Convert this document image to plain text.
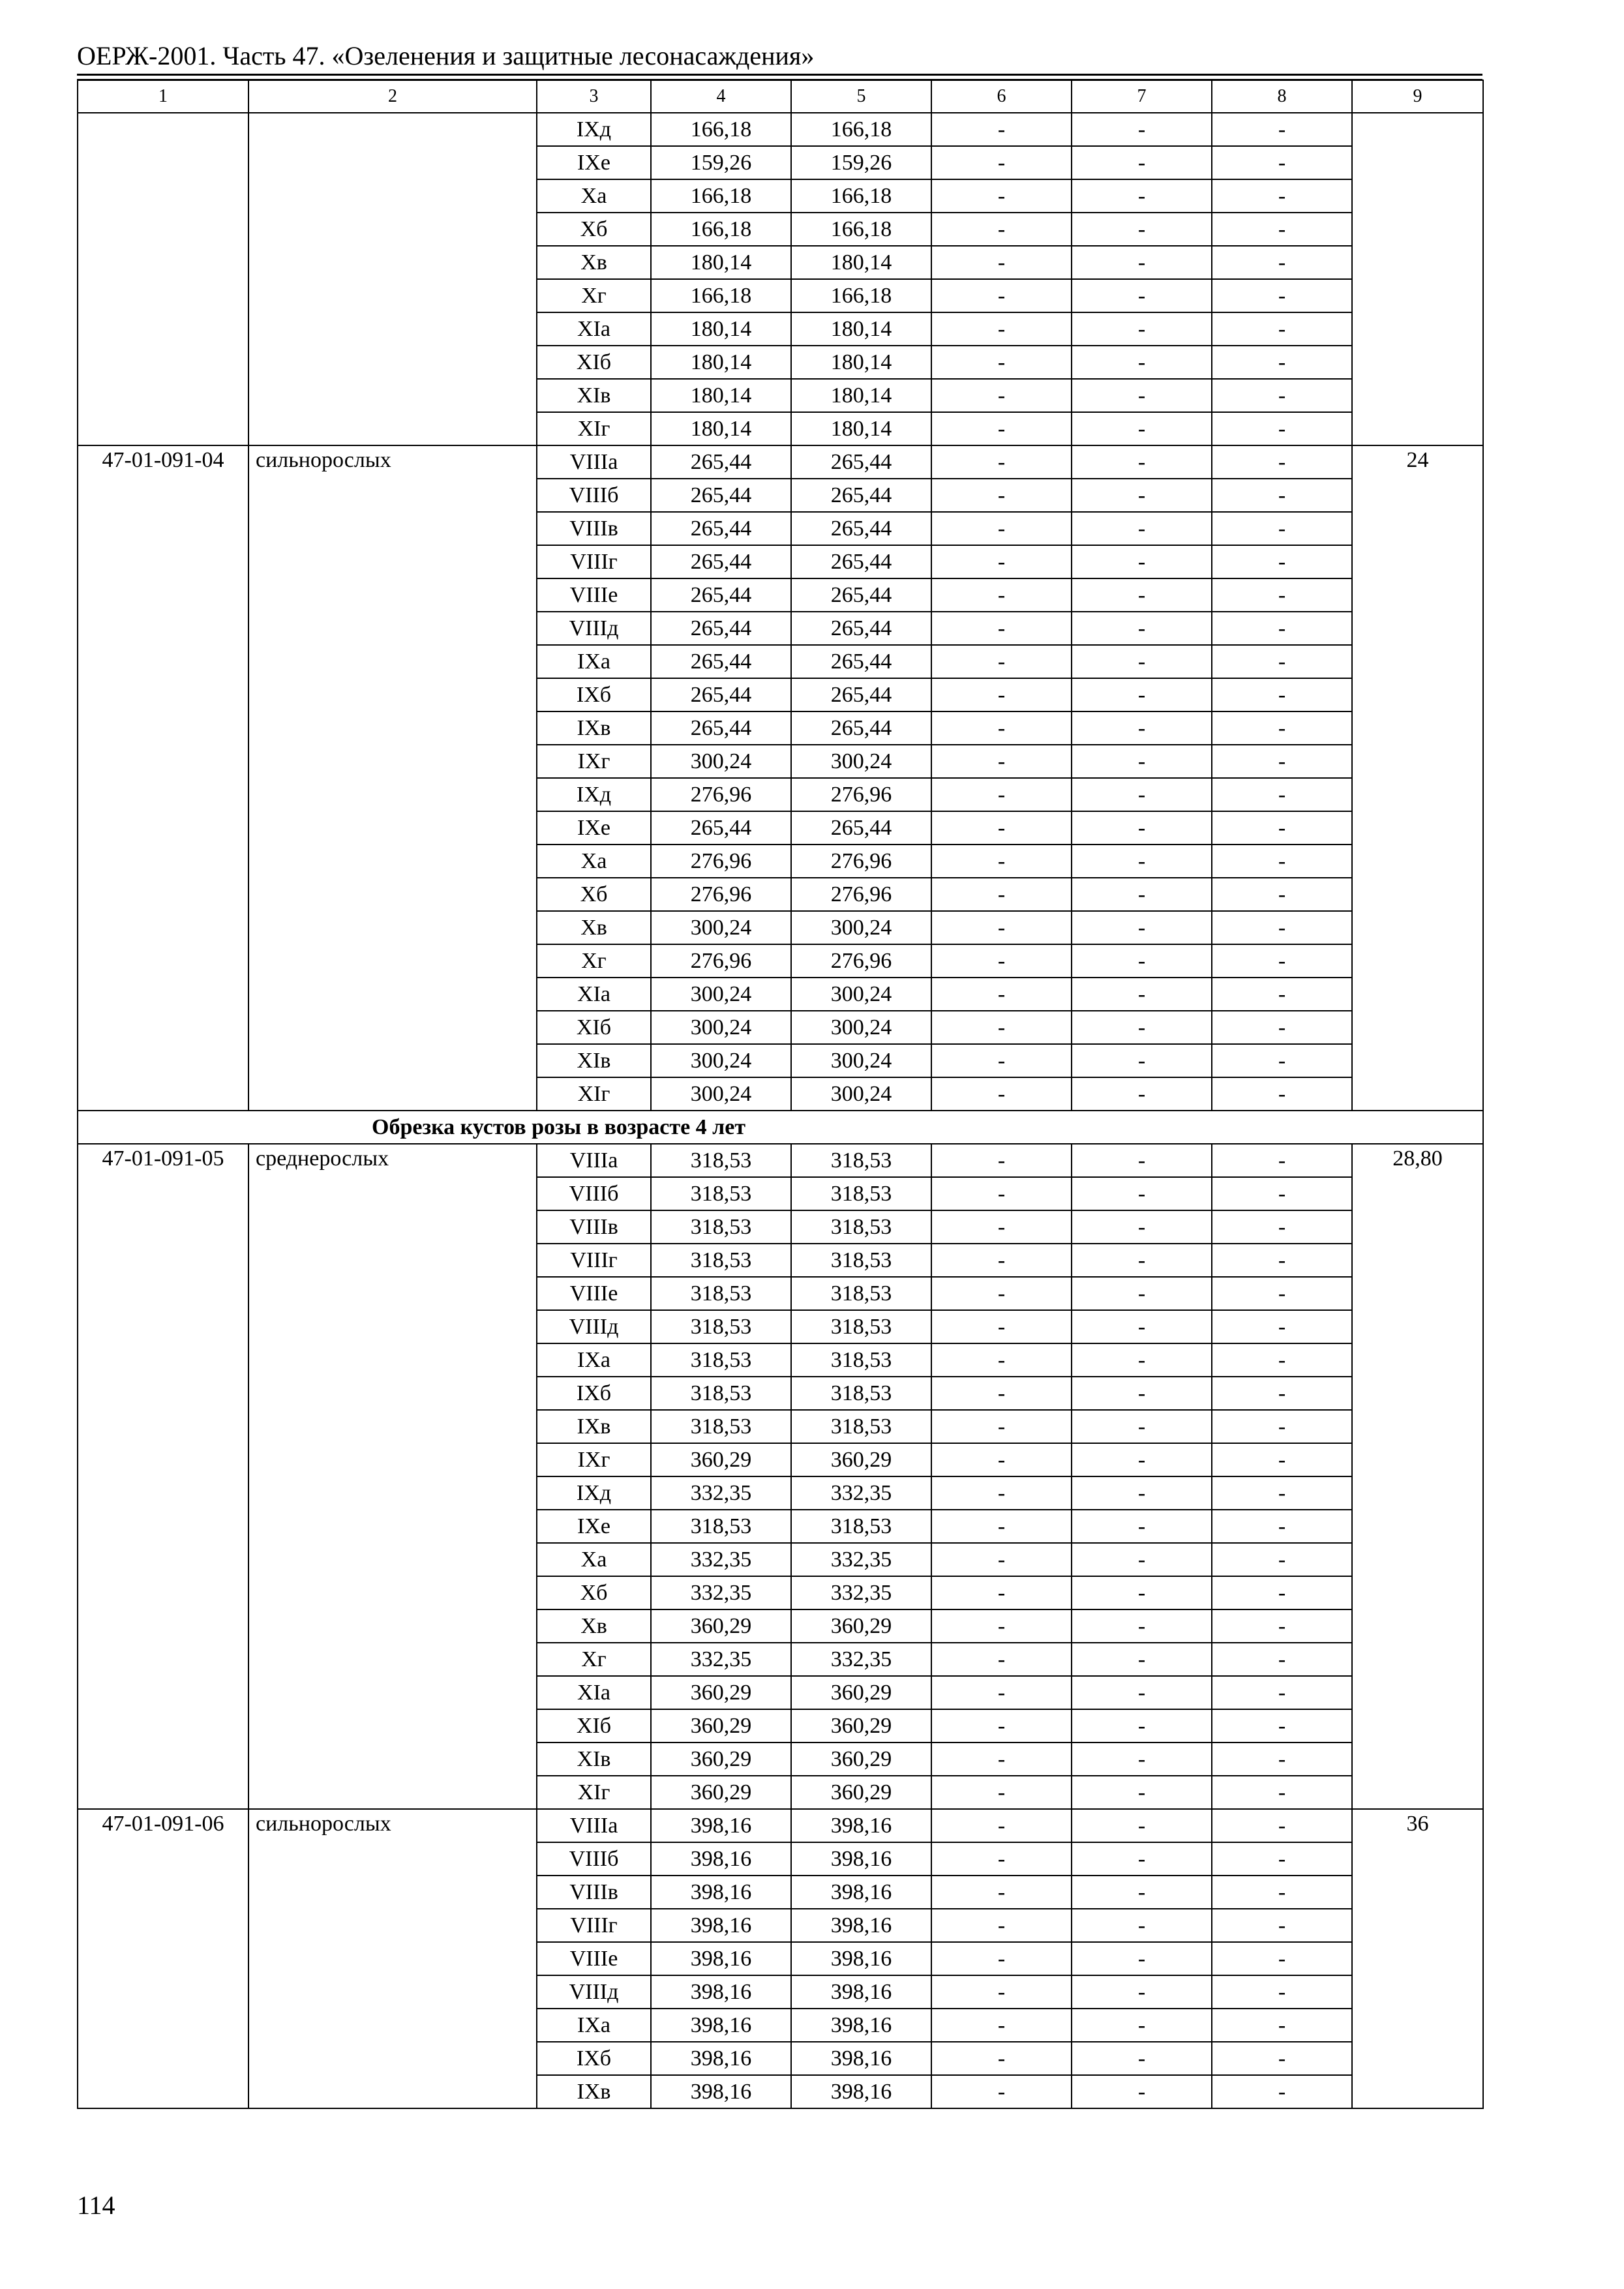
ОЕРЖ-2001. Часть 47. «Озеленения и защитные лесонасаждения»
1	2	3	4	5	6	7	8	9
		IXд	166,18	166,18	-	-	-	
		IXе	159,26	159,26	-	-	-	
		Xа	166,18	166,18	-	-	-	
		Xб	166,18	166,18	-	-	-	
		Xв	180,14	180,14	-	-	-	
		Xг	166,18	166,18	-	-	-	
		XIа	180,14	180,14	-	-	-	
		XIб	180,14	180,14	-	-	-	
		XIв	180,14	180,14	-	-	-	
		XIг	180,14	180,14	-	-	-	
47-01-091-04	сильнорослых	VIIIа	265,44	265,44	-	-	-	24
		VIIIб	265,44	265,44	-	-	-	
		VIIIв	265,44	265,44	-	-	-	
		VIIIг	265,44	265,44	-	-	-	
		VIIIе	265,44	265,44	-	-	-	
		VIIIд	265,44	265,44	-	-	-	
		IXа	265,44	265,44	-	-	-	
		IXб	265,44	265,44	-	-	-	
		IXв	265,44	265,44	-	-	-	
		IXг	300,24	300,24	-	-	-	
		IXд	276,96	276,96	-	-	-	
		IXе	265,44	265,44	-	-	-	
		Xа	276,96	276,96	-	-	-	
		Xб	276,96	276,96	-	-	-	
		Xв	300,24	300,24	-	-	-	
		Xг	276,96	276,96	-	-	-	
		XIа	300,24	300,24	-	-	-	
		XIб	300,24	300,24	-	-	-	
		XIв	300,24	300,24	-	-	-	
		XIг	300,24	300,24	-	-	-	
Обрезка кустов розы в возрасте 4 лет								
47-01-091-05	среднерослых	VIIIа	318,53	318,53	-	-	-	28,80
		VIIIб	318,53	318,53	-	-	-	
		VIIIв	318,53	318,53	-	-	-	
		VIIIг	318,53	318,53	-	-	-	
		VIIIе	318,53	318,53	-	-	-	
		VIIIд	318,53	318,53	-	-	-	
		IXа	318,53	318,53	-	-	-	
		IXб	318,53	318,53	-	-	-	
		IXв	318,53	318,53	-	-	-	
		IXг	360,29	360,29	-	-	-	
		IXд	332,35	332,35	-	-	-	
		IXе	318,53	318,53	-	-	-	
		Xа	332,35	332,35	-	-	-	
		Xб	332,35	332,35	-	-	-	
		Xв	360,29	360,29	-	-	-	
		Xг	332,35	332,35	-	-	-	
		XIа	360,29	360,29	-	-	-	
		XIб	360,29	360,29	-	-	-	
		XIв	360,29	360,29	-	-	-	
		XIг	360,29	360,29	-	-	-	
47-01-091-06	сильнорослых	VIIIа	398,16	398,16	-	-	-	36
		VIIIб	398,16	398,16	-	-	-	
		VIIIв	398,16	398,16	-	-	-	
		VIIIг	398,16	398,16	-	-	-	
		VIIIе	398,16	398,16	-	-	-	
		VIIIд	398,16	398,16	-	-	-	
		IXа	398,16	398,16	-	-	-	
		IXб	398,16	398,16	-	-	-	
		IXв	398,16	398,16	-	-	-	
114
